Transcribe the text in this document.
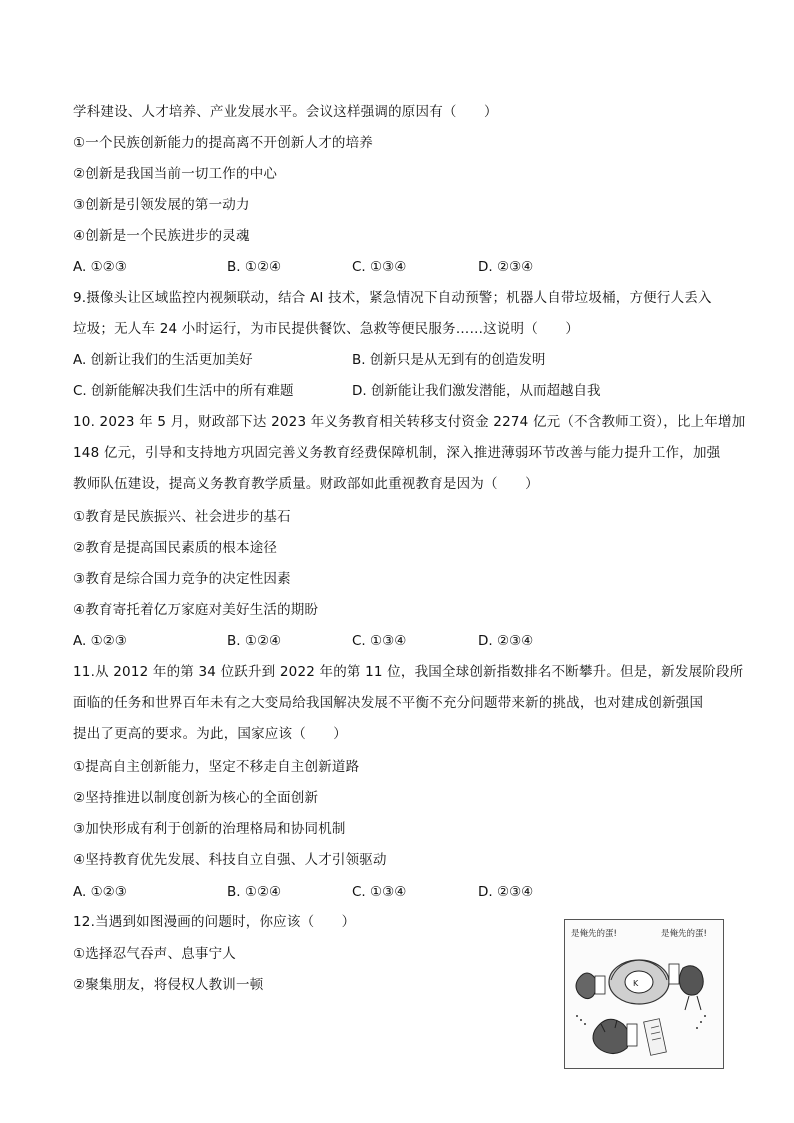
学科建设、人才培养、产业发展水平。会议这样强调的原因有（　　）
①一个民族创新能力的提高离不开创新人才的培养
②创新是我国当前一切工作的中心
③创新是引领发展的第一动力
④创新是一个民族进步的灵魂
A. ①②③	B. ①②④	C. ①③④	D. ②③④
9.摄像头让区域监控内视频联动，结合 AI 技术，紧急情况下自动预警；机器人自带垃圾桶，方便行人丢入
垃圾；无人车 24 小时运行，为市民提供餐饮、急救等便民服务……这说明（　　）
A. 创新让我们的生活更加美好	B. 创新只是从无到有的创造发明
C. 创新能解决我们生活中的所有难题	D. 创新能让我们激发潜能，从而超越自我
10. 2023 年 5 月，财政部下达 2023 年义务教育相关转移支付资金 2274 亿元（不含教师工资），比上年增加
148 亿元，引导和支持地方巩固完善义务教育经费保障机制，深入推进薄弱环节改善与能力提升工作，加强
教师队伍建设，提高义务教育教学质量。财政部如此重视教育是因为（　　）
①教育是民族振兴、社会进步的基石
②教育是提高国民素质的根本途径
③教育是综合国力竞争的决定性因素
④教育寄托着亿万家庭对美好生活的期盼
A. ①②③	B. ①②④	C. ①③④	D. ②③④
11.从 2012 年的第 34 位跃升到 2022 年的第 11 位，我国全球创新指数排名不断攀升。但是，新发展阶段所
面临的任务和世界百年未有之大变局给我国解决发展不平衡不充分问题带来新的挑战，也对建成创新强国
提出了更高的要求。为此，国家应该（　　）
①提高自主创新能力，坚定不移走自主创新道路
②坚持推进以制度创新为核心的全面创新
③加快形成有利于创新的治理格局和协同机制
④坚持教育优先发展、科技自立自强、人才引领驱动
A. ①②③	B. ①②④	C. ①③④	D. ②③④
12.当遇到如图漫画的问题时，你应该（　　）
①选择忍气吞声、息事宁人
②聚集朋友，将侵权人教训一顿
是俺先的蛋!	是俺先的蛋!
K
